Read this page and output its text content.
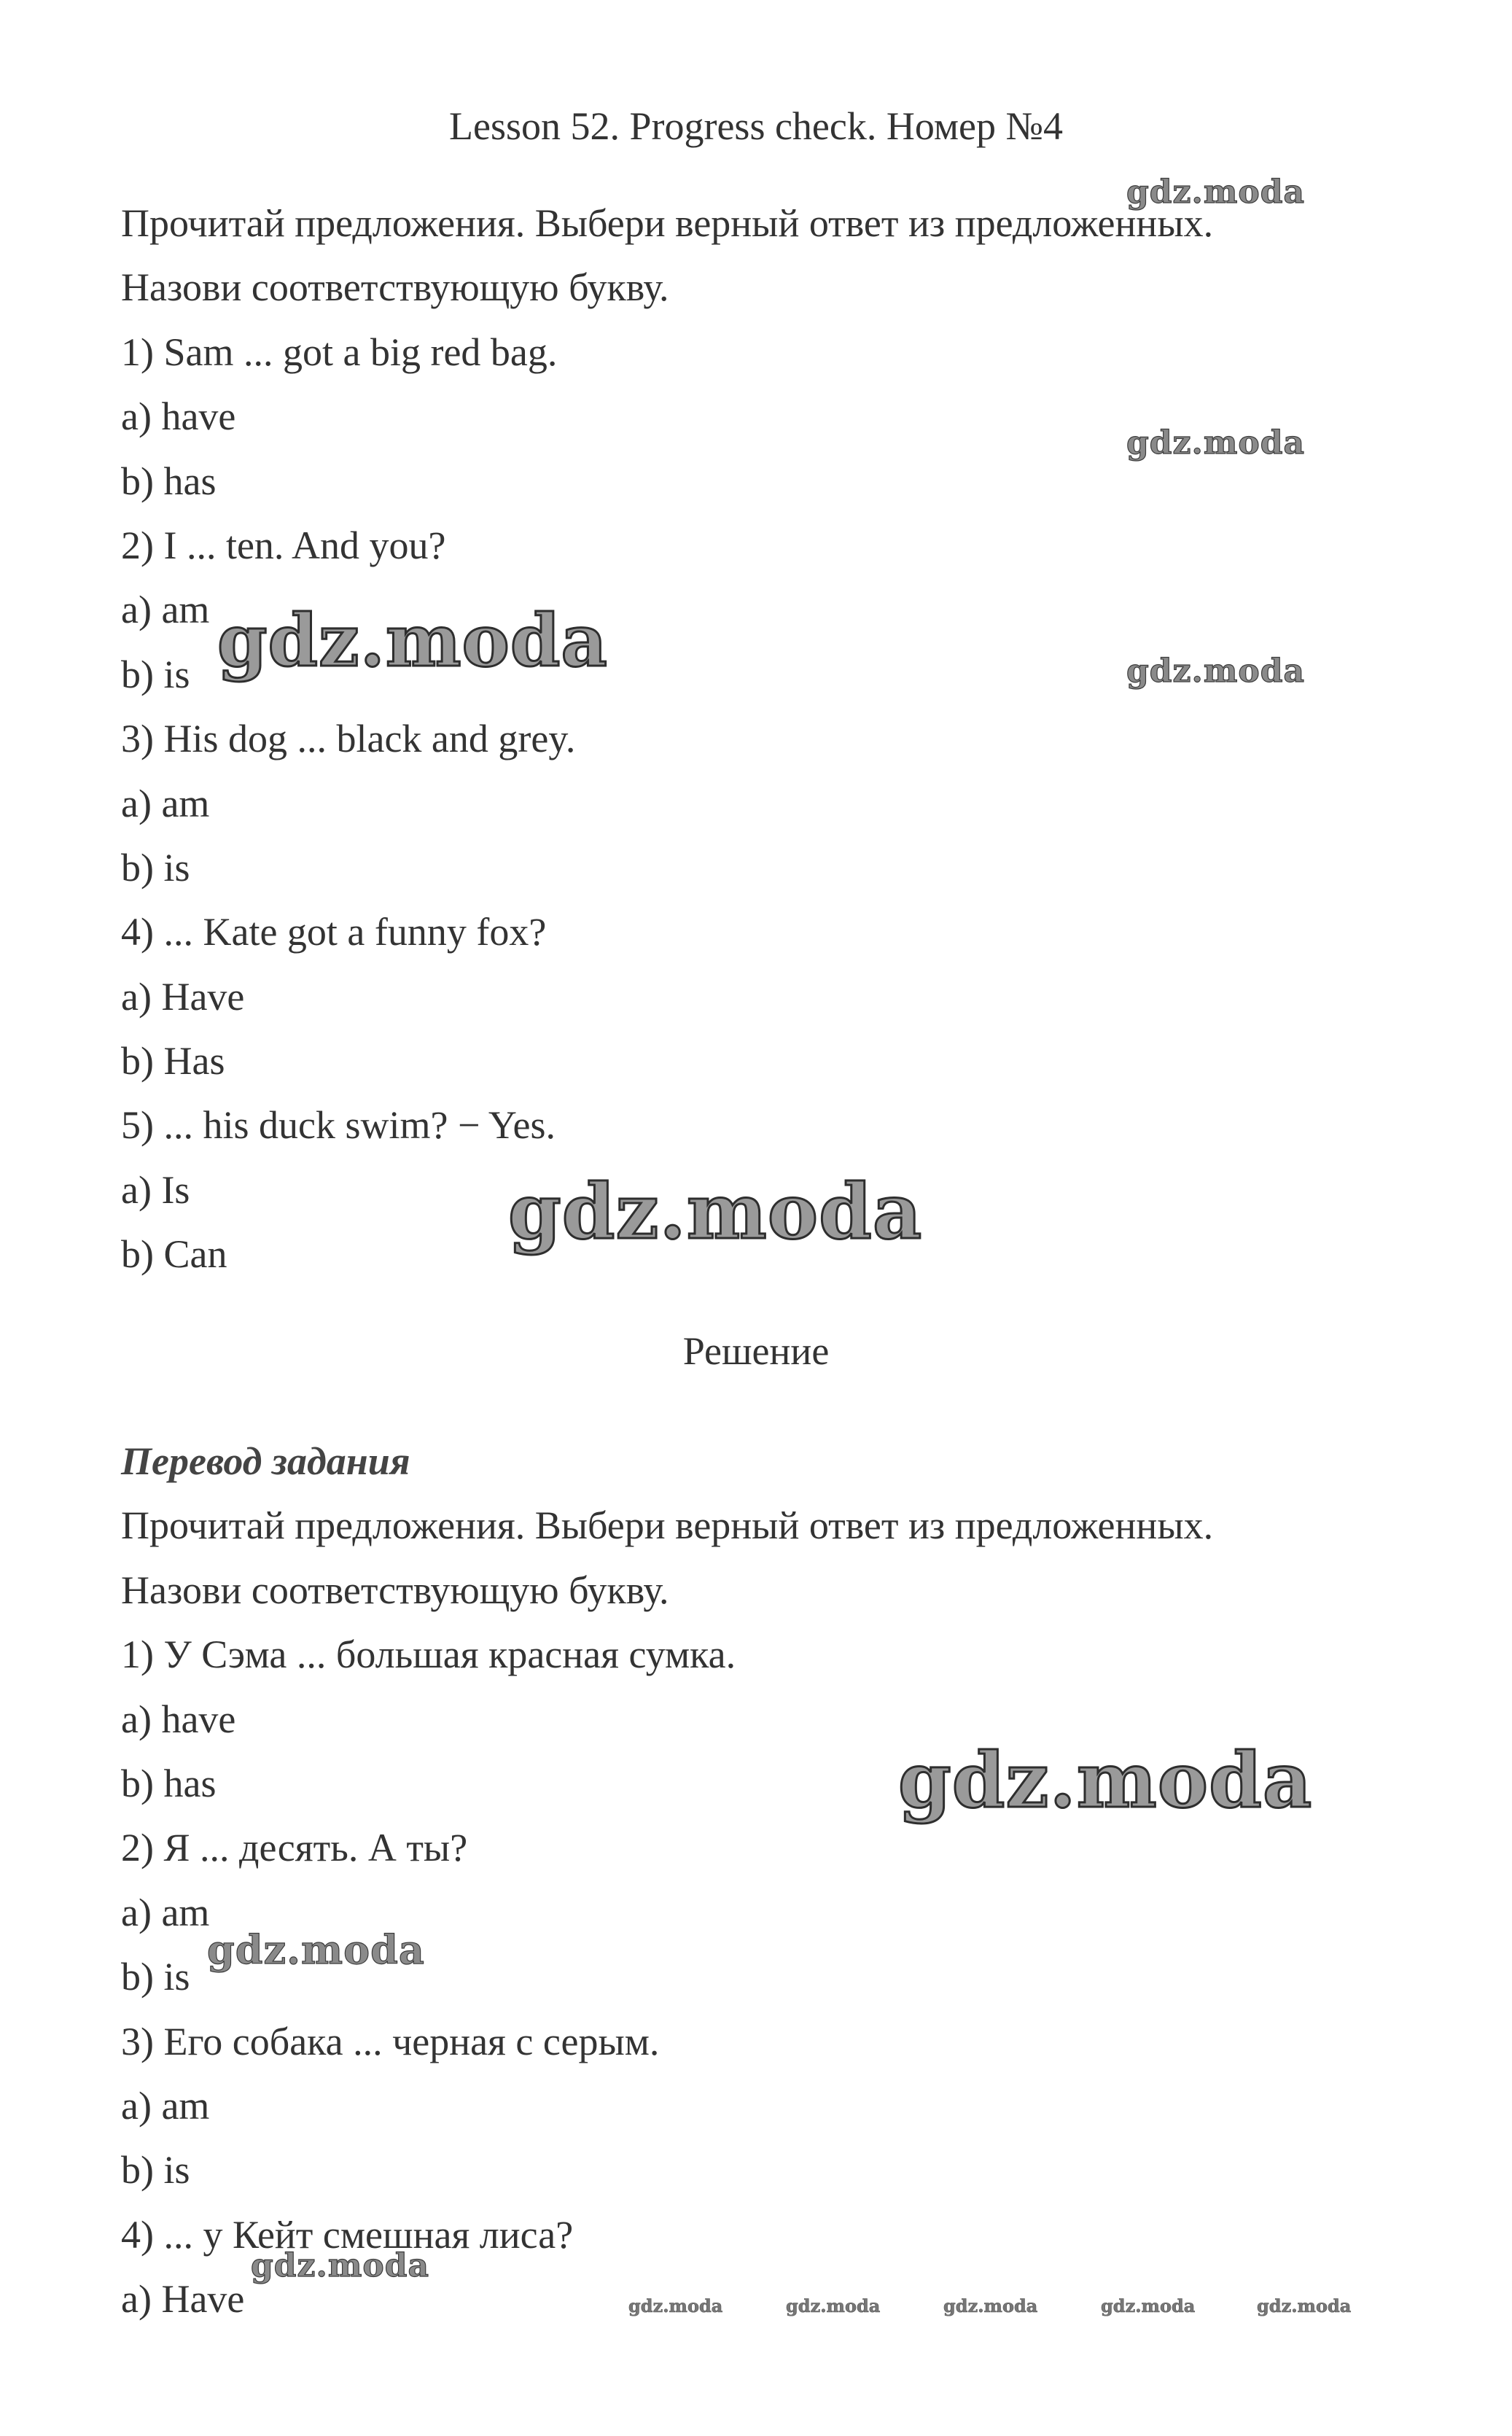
Lesson 52. Progress check. Номер №4
Прочитай предложения. Выбери верный ответ из предложенных.
Назови соответствующую букву.
1) Sam ... got a big red bag.
a) have
b) has
2) I ... ten. And you?
a) am
b) is
3) His dog ... black and grey.
a) am
b) is
4) ... Kate got a funny fox?
a) Have
b) Has
5) ... his duck swim? − Yes.
a) Is
b) Can
Решение
Перевод задания
Прочитай предложения. Выбери верный ответ из предложенных.
Назови соответствующую букву.
1) У Сэма ... большая красная сумка.
a) have
b) has
2) Я ... десять. А ты?
a) am
b) is
3) Его собака ... черная с серым.
a) am
b) is
4) ... у Кейт смешная лиса?
a) Have
gdz.moda
gdz.moda
gdz.moda
gdz.moda
gdz.moda
gdz.moda
gdz.moda
gdz.moda
gdz.moda	gdz.moda	gdz.moda	gdz.moda	gdz.moda
